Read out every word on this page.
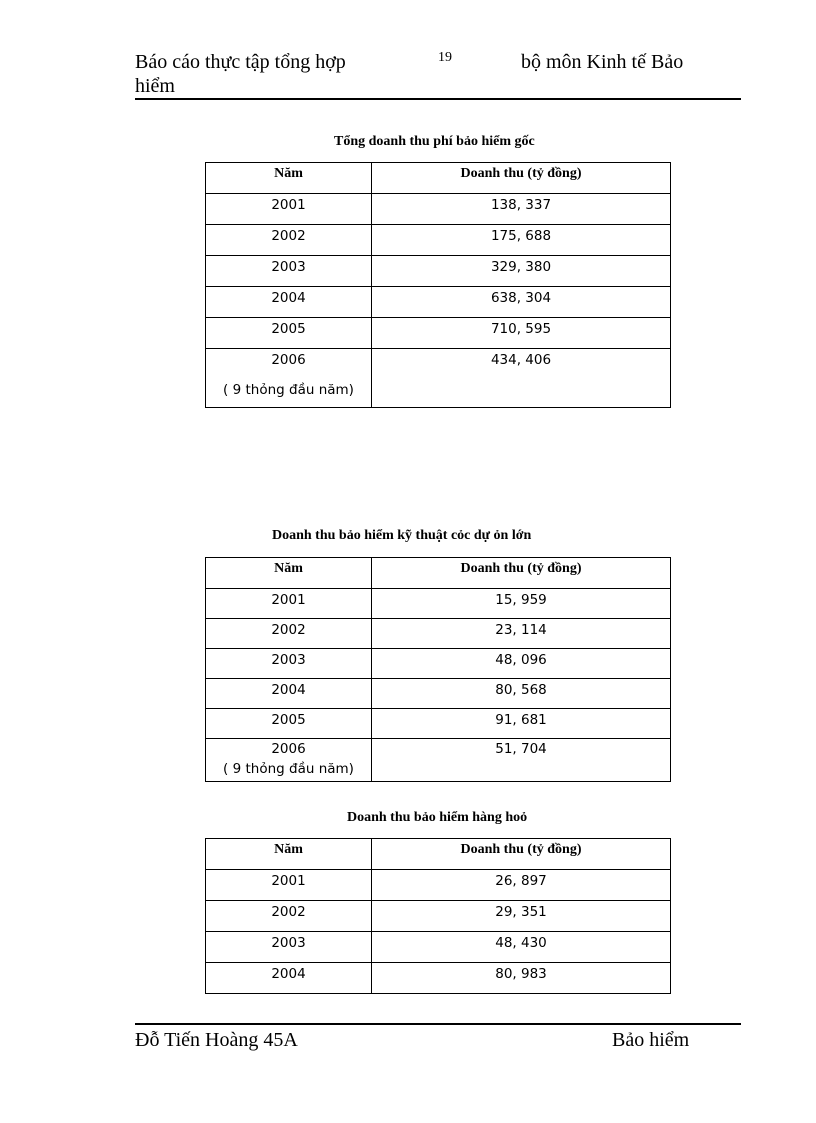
Báo cáo thực tập tổng hợp hiểm
19	bộ môn Kinh tế Bảo
Tổng doanh thu phí bảo hiểm gốc
Năm	Doanh thu (tỷ đồng)
2001	138, 337
2002	175, 688
2003	329, 380
2004	638, 304
2005	710, 595
2006
( 9 thỏng đầu năm)	434, 406
Doanh thu bảo hiểm kỹ thuật cỏc dự ỏn lớn
Năm	Doanh thu (tỷ đồng)
2001	15, 959
2002	23, 114
2003	48, 096
2004	80, 568
2005	91, 681

2006
( 9 thỏng đầu năm)	51, 704
Doanh thu bảo hiểm hàng hoỏ
Năm	Doanh thu (tỷ đồng)
2001	26, 897
2002	29, 351
2003	48, 430
2004	80, 983
Đỗ Tiến Hoàng 45A	Bảo hiểm
